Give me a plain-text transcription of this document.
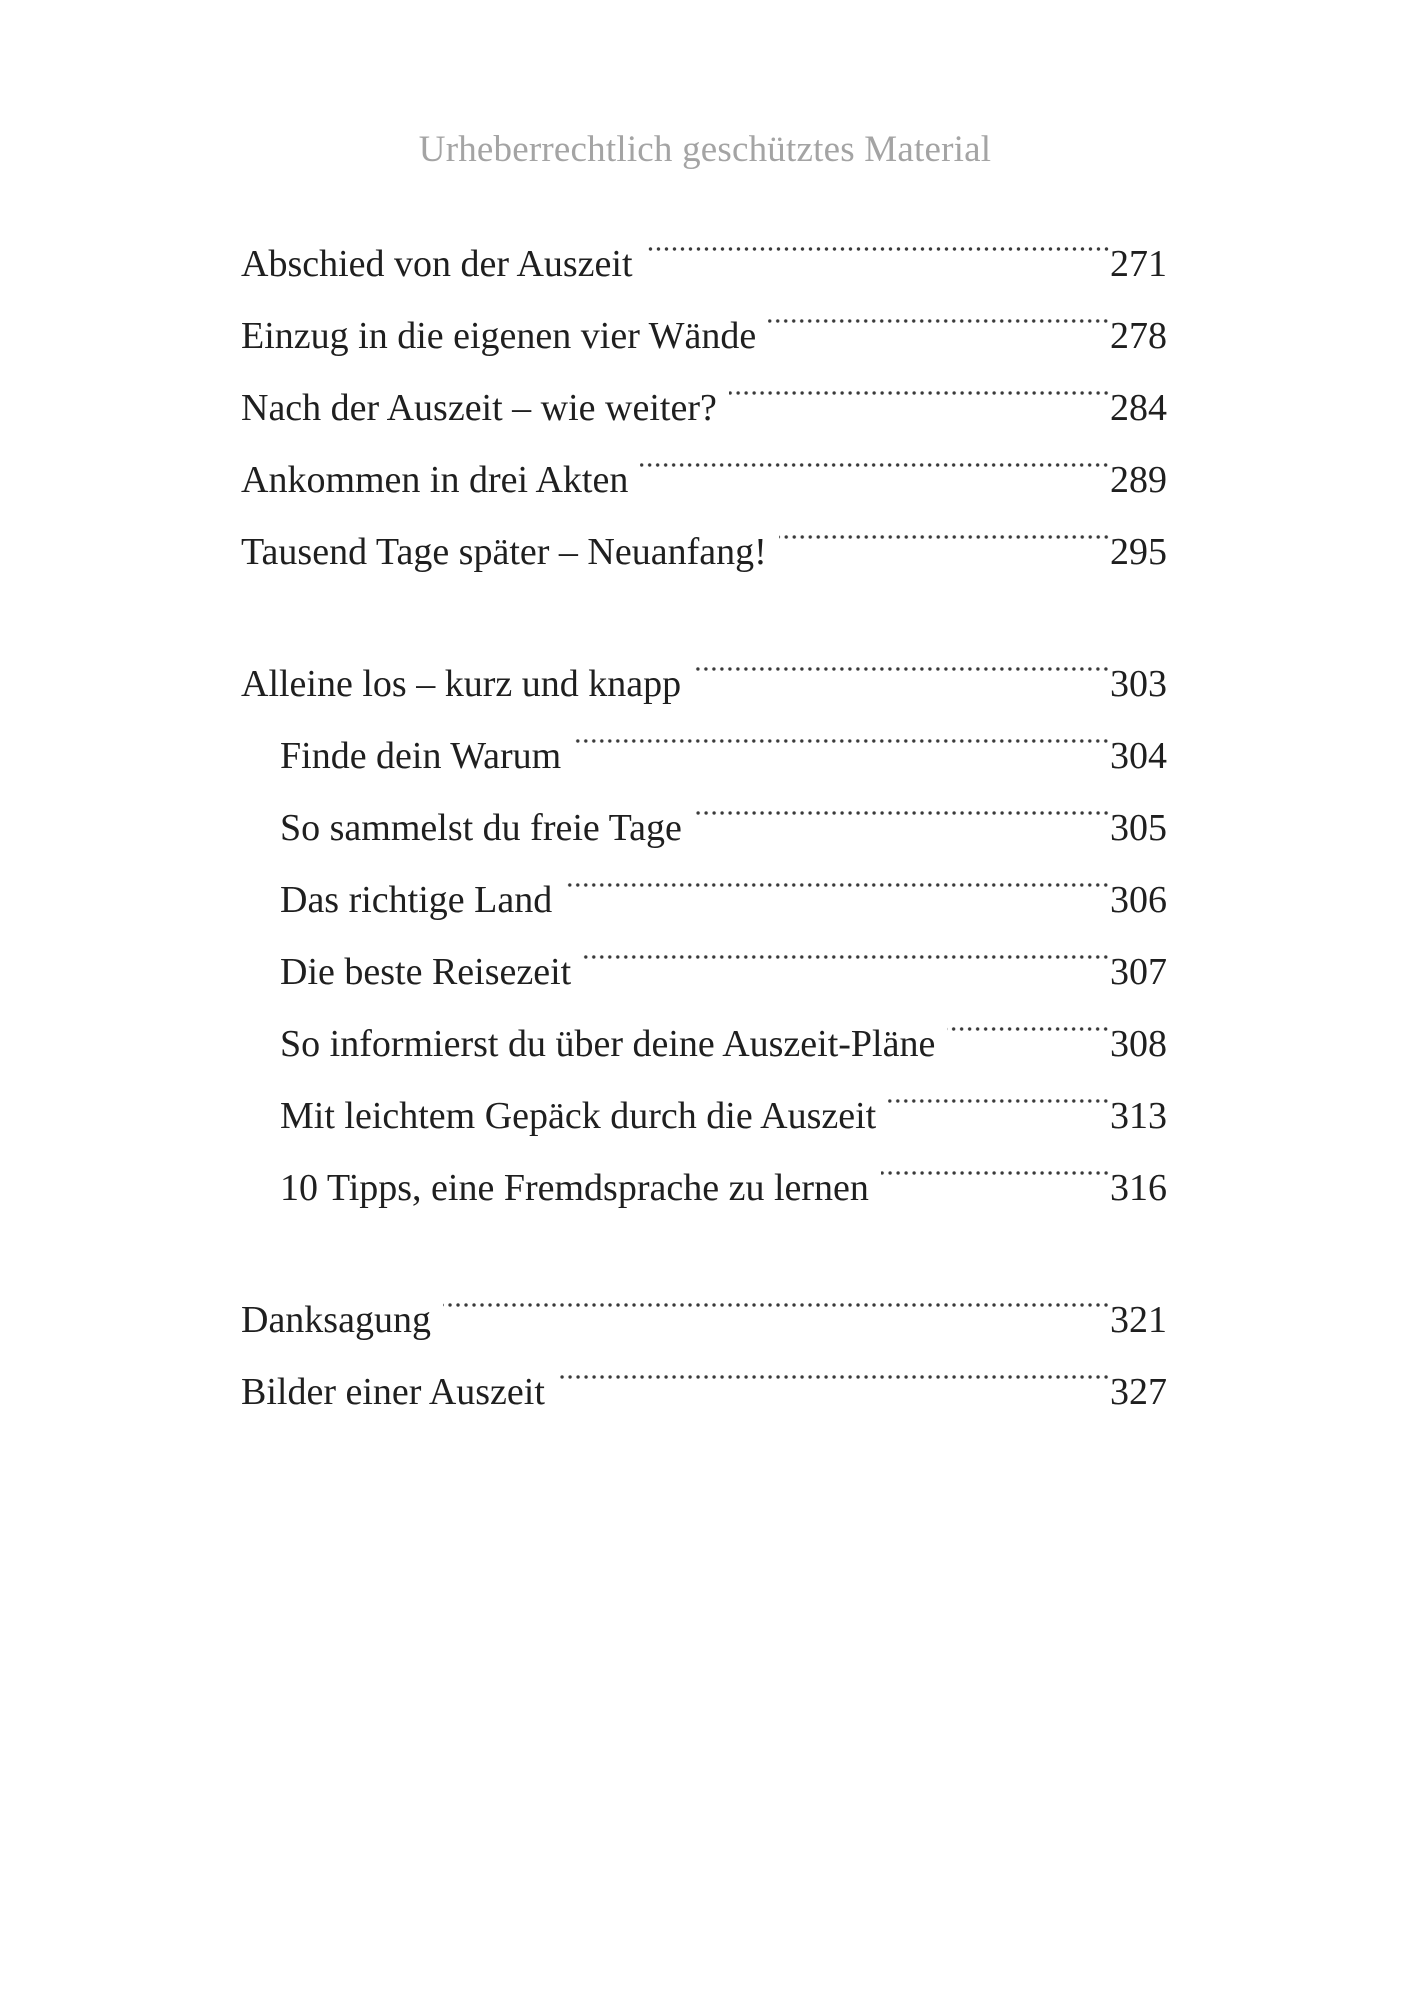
Urheberrechtlich geschütztes Material
Abschied von der Auszeit	271
Einzug in die eigenen vier Wände	278
Nach der Auszeit – wie weiter?	284
Ankommen in drei Akten	289
Tausend Tage später – Neuanfang!	295
Alleine los – kurz und knapp	303
Finde dein Warum	304
So sammelst du freie Tage	305
Das richtige Land	306
Die beste Reisezeit	307
So informierst du über deine Auszeit-Pläne	308
Mit leichtem Gepäck durch die Auszeit	313
10 Tipps, eine Fremdsprache zu lernen	316
Danksagung	321
Bilder einer Auszeit	327
